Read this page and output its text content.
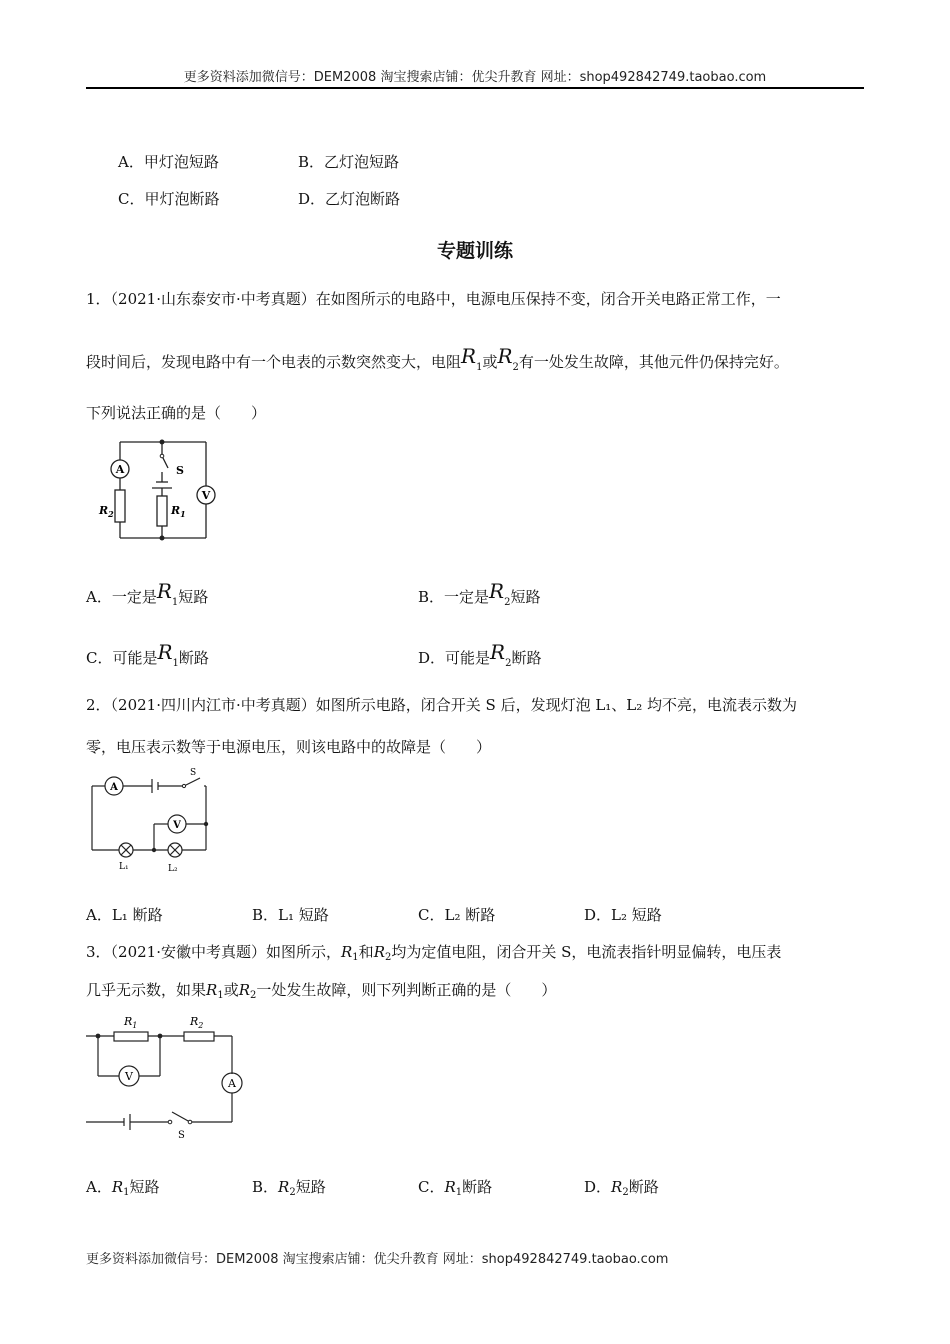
更多资料添加微信号：DEM2008 淘宝搜索店铺：优尖升教育 网址：shop492842749.taobao.com
A．甲灯泡短路	B．乙灯泡短路
C．甲灯泡断路	D．乙灯泡断路
专题训练
1．（2021·山东泰安市·中考真题）在如图所示的电路中，电源电压保持不变，闭合开关电路正常工作，一
段时间后，发现电路中有一个电表的示数突然变大，电阻$R_1$或$R_2$有一处发生故障，其他元件仍保持完好。
下列说法正确的是（　　）
A
V
S
$R_2$	$R_1$
A．一定是$R_1$短路	B．一定是$R_2$短路
C．可能是$R_1$断路	D．可能是$R_2$断路
2．（2021·四川内江市·中考真题）如图所示电路，闭合开关 S 后，发现灯泡 L₁、L₂ 均不亮，电流表示数为
零，电压表示数等于电源电压，则该电路中的故障是（　　）
A
V
S
L₁	L₂
A．L₁ 断路	B．L₁ 短路	C．L₂ 断路	D．L₂ 短路
3．（2021·安徽中考真题）如图所示，$R_1$和$R_2$均为定值电阻，闭合开关 S，电流表指针明显偏转，电压表
几乎无示数，如果$R_1$或$R_2$一处发生故障，则下列判断正确的是（　　）
A
V
S
$R_1$	$R_2$
A．$R_1$短路	B．$R_2$短路	C．$R_1$断路	D．$R_2$断路
更多资料添加微信号：DEM2008 淘宝搜索店铺：优尖升教育 网址：shop492842749.taobao.com
